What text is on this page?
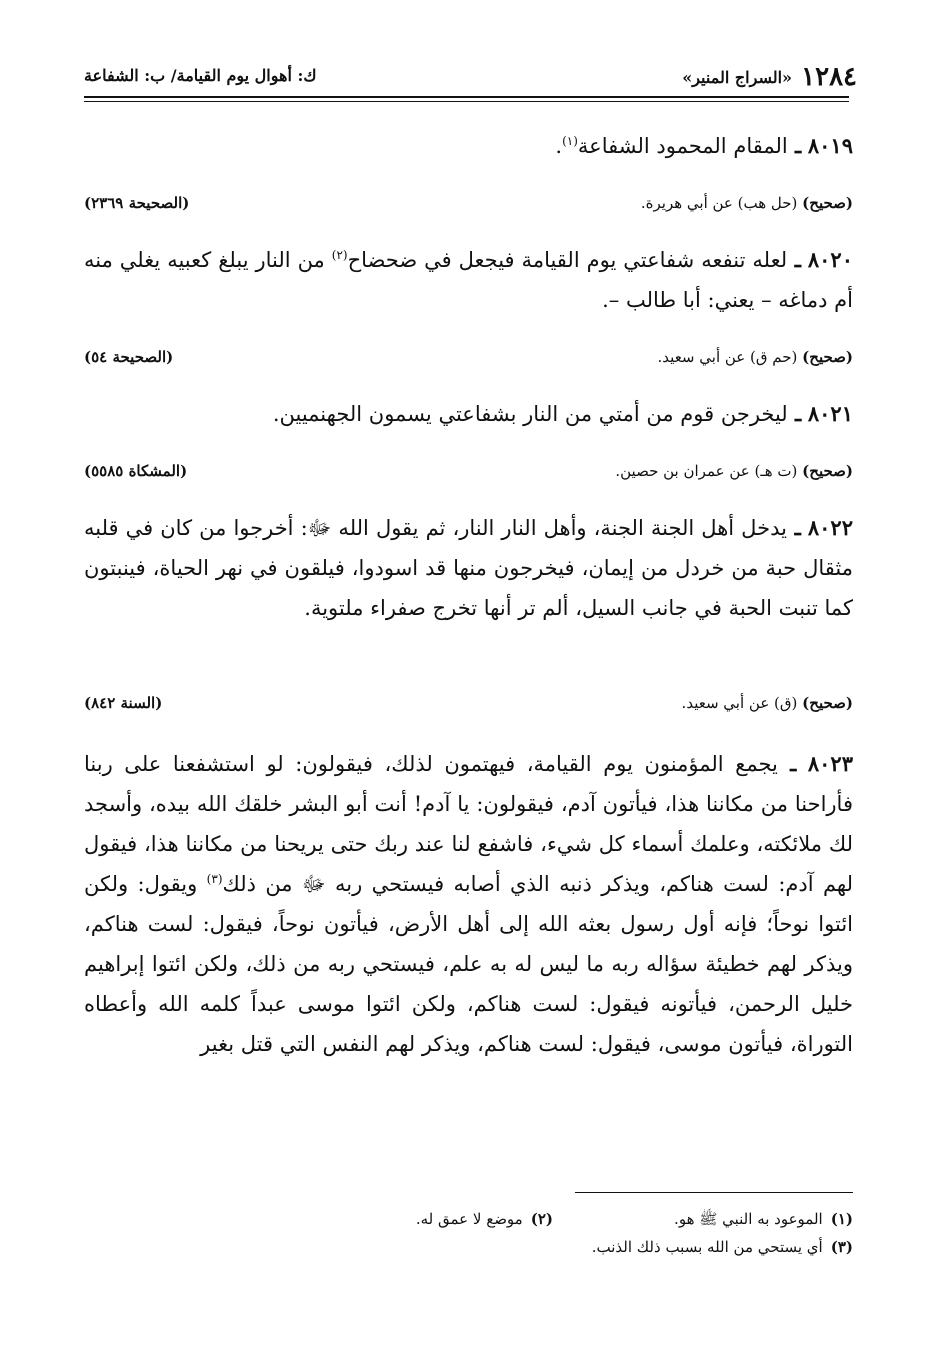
١٢٨٤ «السراج المنير»
ك: أهوال يوم القيامة/ ب: الشفاعة
٨٠١٩ ـ المقام المحمود الشفاعة$^{(١)}$.
(صحيح) (حل هب) عن أبي هريرة.
(الصحيحة ٢٣٦٩)
٨٠٢٠ ـ لعله تنفعه شفاعتي يوم القيامة فيجعل في ضحضاح$^{(٢)}$ من النار يبلغ كعبيه يغلي منه أم دماغه – يعني: أبا طالب –.
(صحيح) (حم ق) عن أبي سعيد.
(الصحيحة ٥٤)
٨٠٢١ ـ ليخرجن قوم من أمتي من النار بشفاعتي يسمون الجهنميين.
(صحيح) (ت هـ) عن عمران بن حصين.
(المشكاة ٥٥٨٥)
٨٠٢٢ ـ يدخل أهل الجنة الجنة، وأهل النار النار، ثم يقول الله ﷻ: أخرجوا من كان في قلبه مثقال حبة من خردل من إيمان، فيخرجون منها قد اسودوا، فيلقون في نهر الحياة، فينبتون كما تنبت الحبة في جانب السيل، ألم تر أنها تخرج صفراء ملتوية.
(صحيح) (ق) عن أبي سعيد.
(السنة ٨٤٢)
٨٠٢٣ ـ يجمع المؤمنون يوم القيامة، فيهتمون لذلك، فيقولون: لو استشفعنا على ربنا فأراحنا من مكاننا هذا، فيأتون آدم، فيقولون: يا آدم! أنت أبو البشر خلقك الله بيده، وأسجد لك ملائكته، وعلمك أسماء كل شيء، فاشفع لنا عند ربك حتى يريحنا من مكاننا هذا، فيقول لهم آدم: لست هناكم، ويذكر ذنبه الذي أصابه فيستحي ربه ﷻ من ذلك$^{(٣)}$ ويقول: ولكن ائتوا نوحاً؛ فإنه أول رسول بعثه الله إلى أهل الأرض، فيأتون نوحاً، فيقول: لست هناكم، ويذكر لهم خطيئة سؤاله ربه ما ليس له به علم، فيستحي ربه من ذلك، ولكن ائتوا إبراهيم خليل الرحمن، فيأتونه فيقول: لست هناكم، ولكن ائتوا موسى عبداً كلمه الله وأعطاه التوراة، فيأتون موسى، فيقول: لست هناكم، ويذكر لهم النفس التي قتل بغير
(١)الموعود به النبي ﷺ هو.
(٢)موضع لا عمق له.
(٣)أي يستحي من الله بسبب ذلك الذنب.
